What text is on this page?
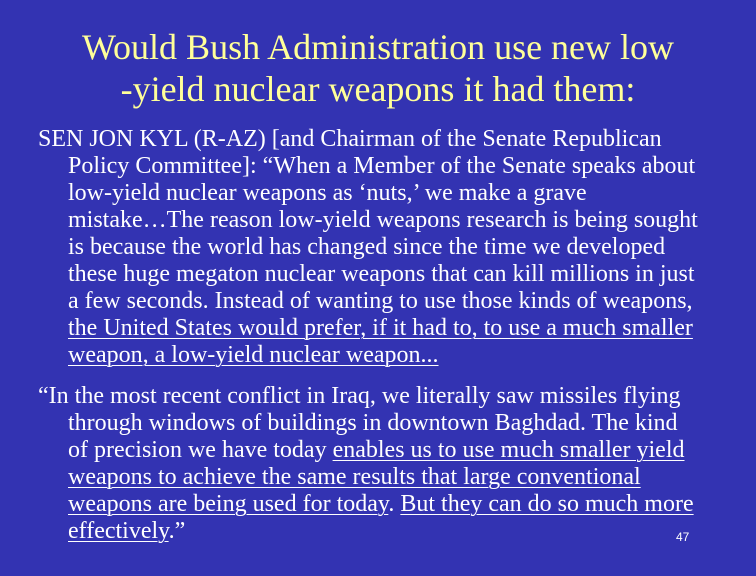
Would Bush Administration use new low
-yield nuclear weapons it had them:
SEN JON KYL (R-AZ) [and Chairman of the Senate Republican
Policy Committee]: “When a Member of the Senate speaks about
low-yield nuclear weapons as ‘nuts,’ we make a grave
mistake…The reason low-yield weapons research is being sought
is because the world has changed since the time we developed
these huge megaton nuclear weapons that can kill millions in just
a few seconds. Instead of wanting to use those kinds of weapons,
the United States would prefer, if it had to, to use a much smaller
weapon, a low-yield nuclear weapon...
“In the most recent conflict in Iraq, we literally saw missiles flying
through windows of buildings in downtown Baghdad. The kind
of precision we have today enables us to use much smaller yield
weapons to achieve the same results that large conventional
weapons are being used for today. But they can do so much more
effectively.”	47
